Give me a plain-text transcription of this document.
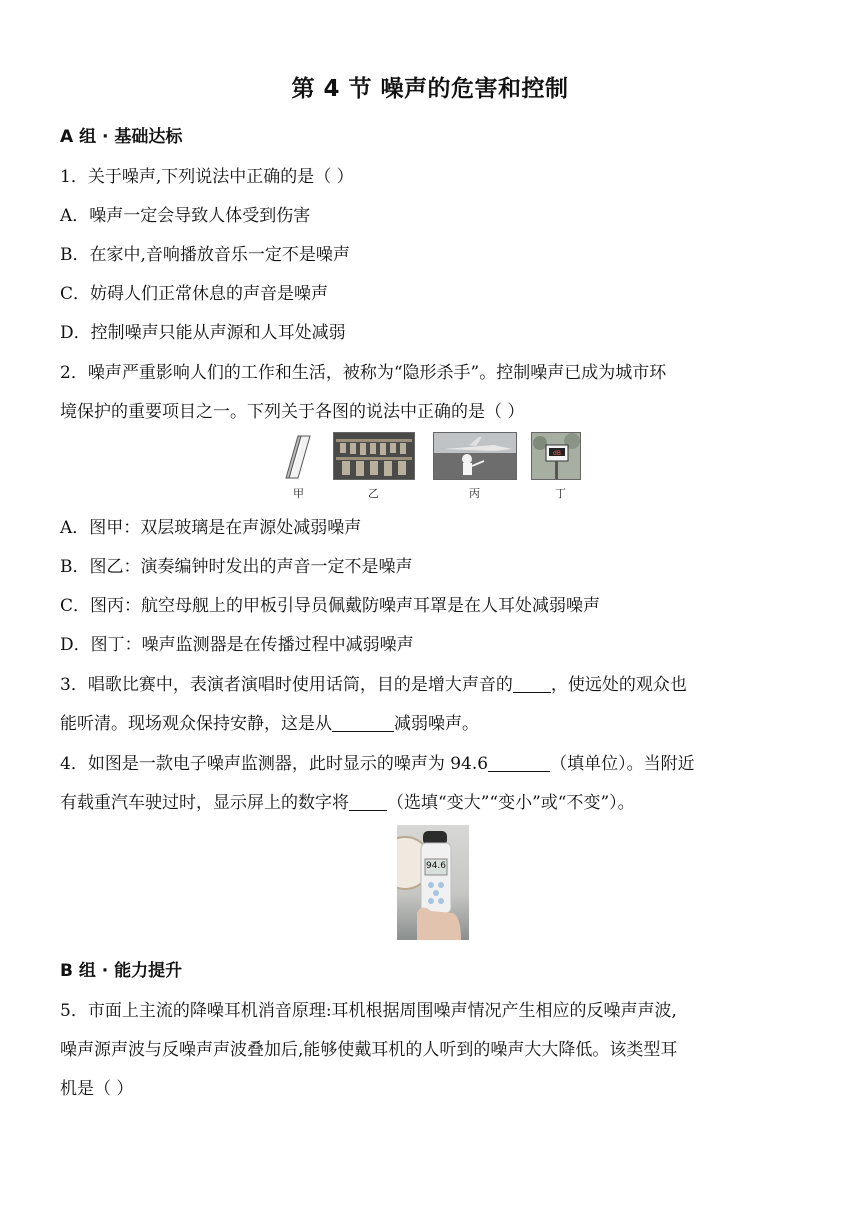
第 4 节 噪声的危害和控制
A 组 · 基础达标
1．关于噪声,下列说法中正确的是（ ）
A．噪声一定会导致人体受到伤害
B．在家中,音响播放音乐一定不是噪声
C．妨碍人们正常休息的声音是噪声
D．控制噪声只能从声源和人耳处减弱
2．噪声严重影响人们的工作和生活，被称为“隐形杀手”。控制噪声已成为城市环
境保护的重要项目之一。下列关于各图的说法中正确的是（ ）
dB
甲	乙	丙	丁
A．图甲：双层玻璃是在声源处减弱噪声
B．图乙：演奏编钟时发出的声音一定不是噪声
C．图丙：航空母舰上的甲板引导员佩戴防噪声耳罩是在人耳处减弱噪声
D．图丁：噪声监测器是在传播过程中减弱噪声
3．唱歌比赛中，表演者演唱时使用话筒，目的是增大声音的 ，使远处的观众也
能听清。现场观众保持安静，这是从	减弱噪声。
4．如图是一款电子噪声监测器，此时显示的噪声为 94.6	（填单位）。当附近
有载重汽车驶过时，显示屏上的数字将 （选填“变大”“变小”或“不变”）。
94.6
B 组 · 能力提升
5．市面上主流的降噪耳机消音原理:耳机根据周围噪声情况产生相应的反噪声声波,
噪声源声波与反噪声声波叠加后,能够使戴耳机的人听到的噪声大大降低。该类型耳
机是（ ）
